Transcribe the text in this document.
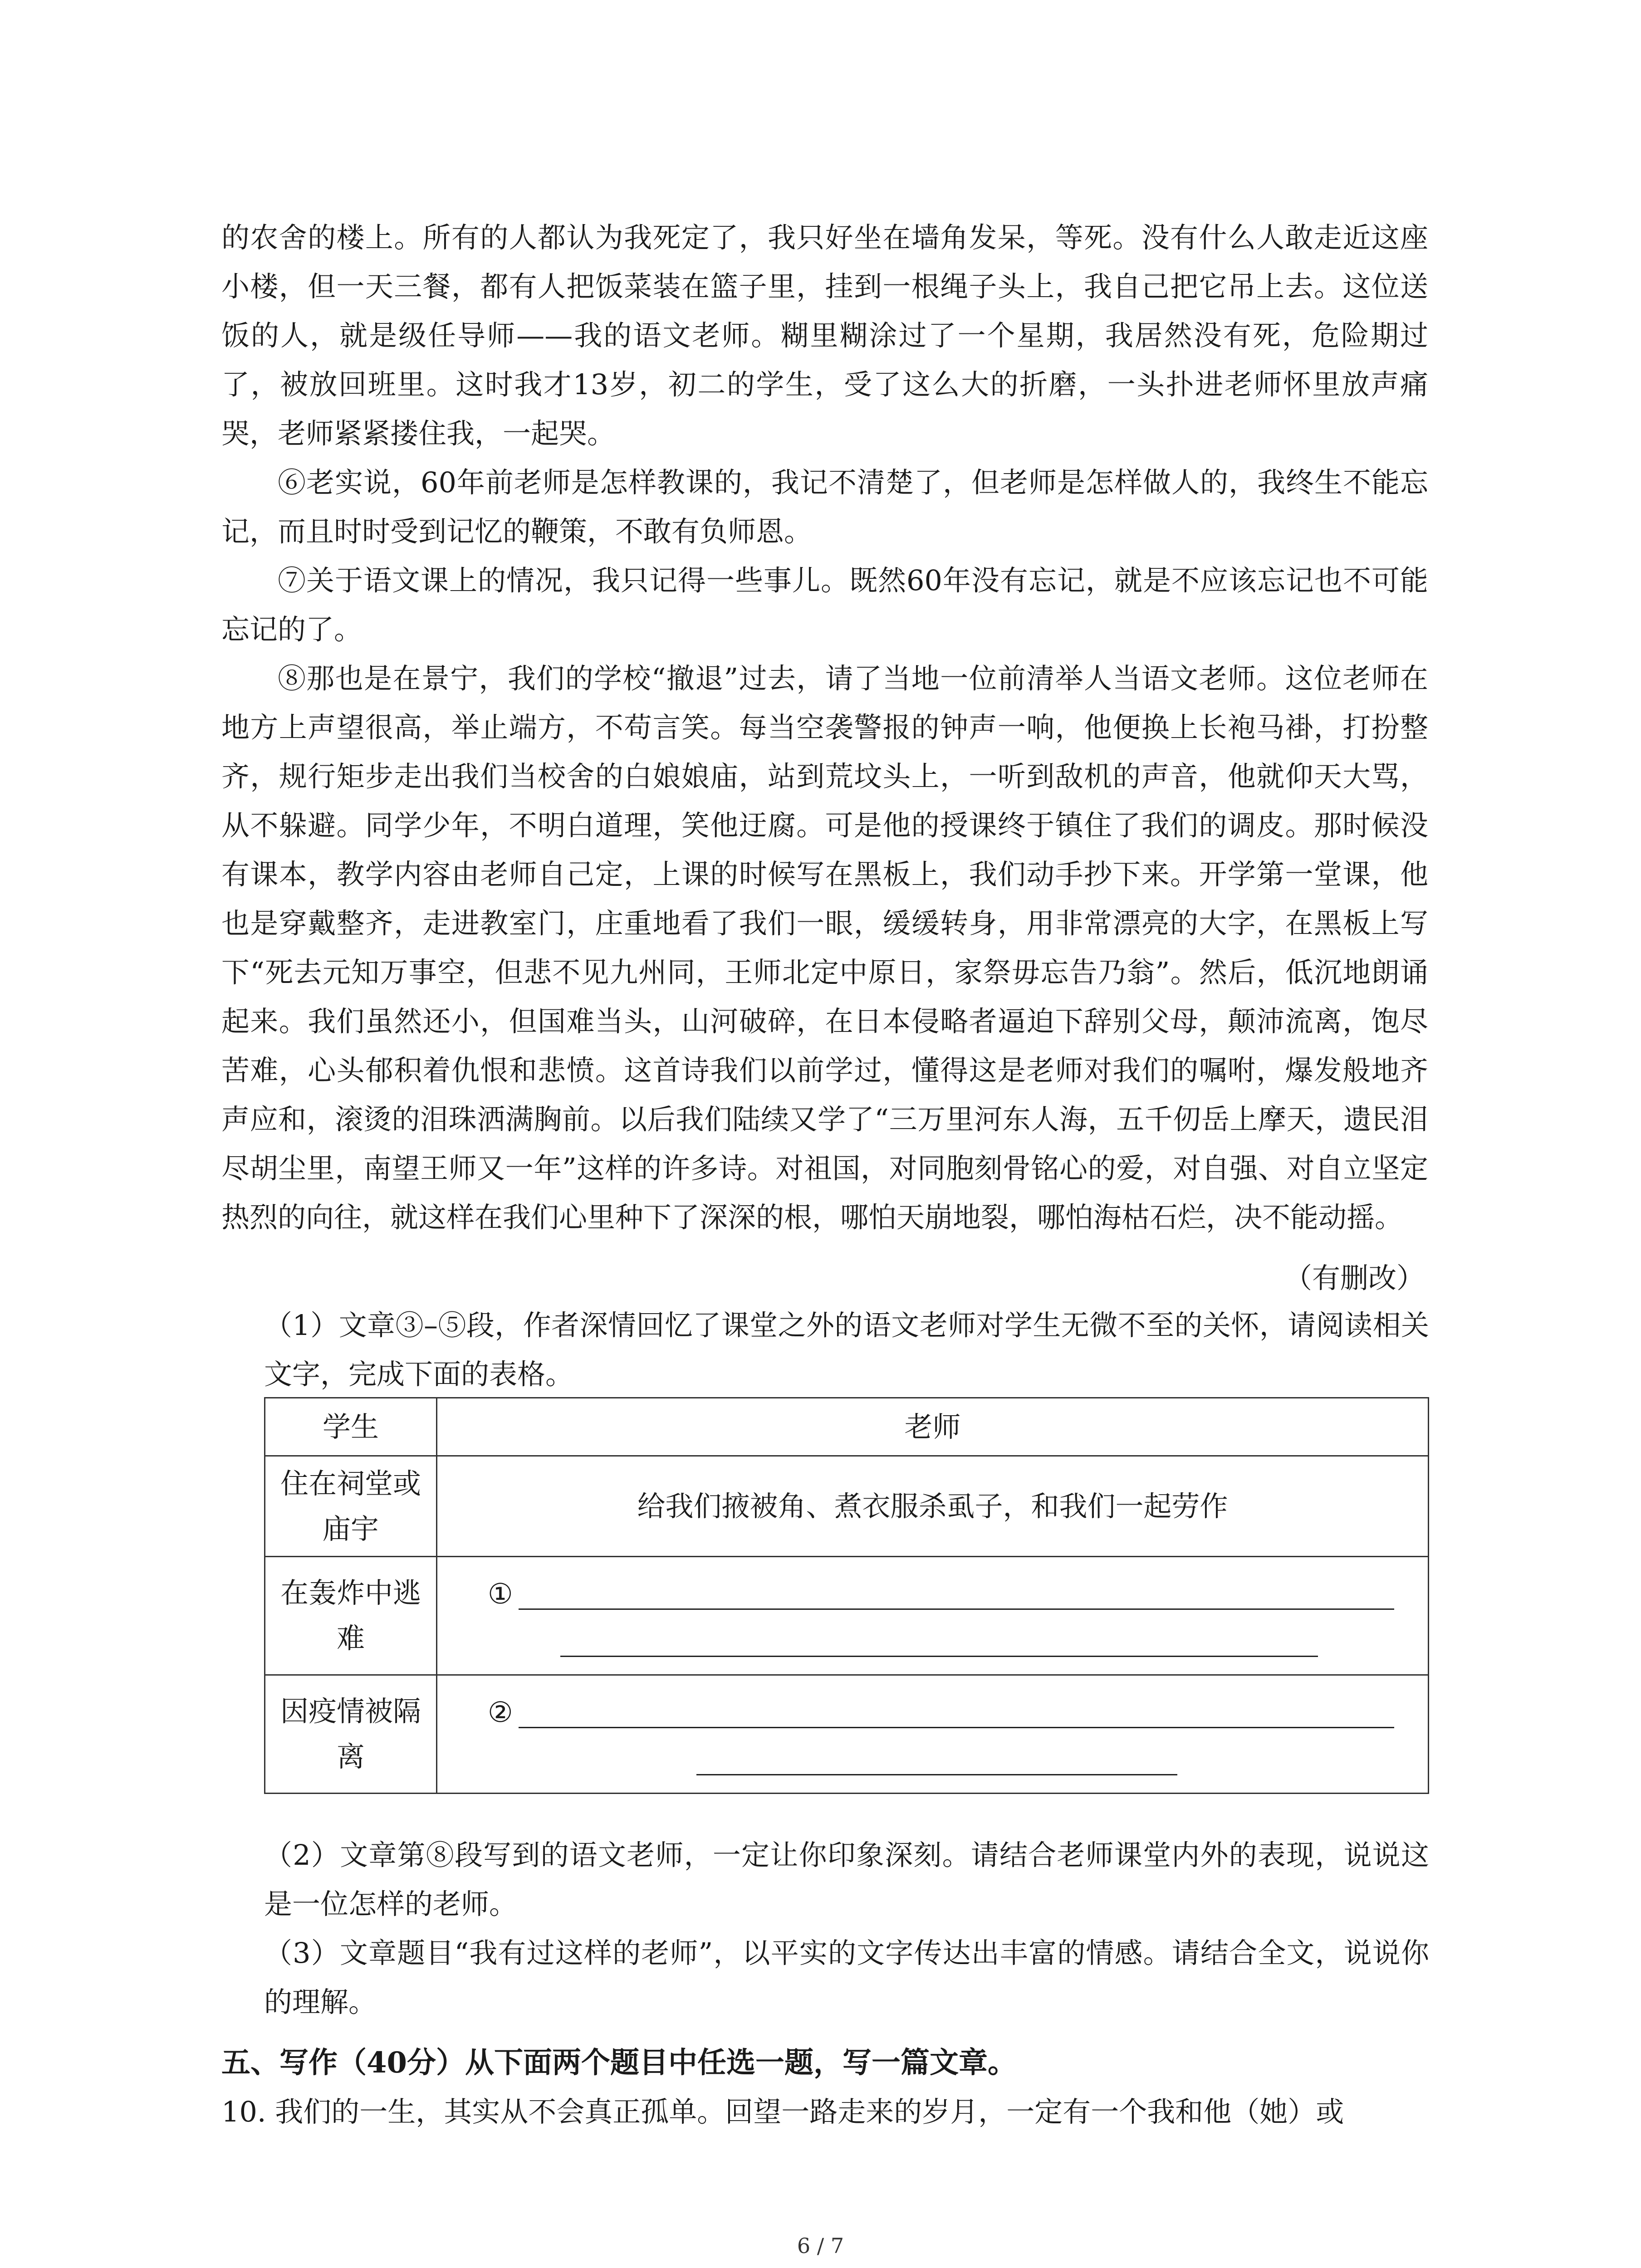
的农舍的楼上。所有的人都认为我死定了，我只好坐在墙角发呆，等死。没有什么人敢走近这座小楼，但一天三餐，都有人把饭菜装在篮子里，挂到一根绳子头上，我自己把它吊上去。这位送饭的人，就是级任导师——我的语文老师。糊里糊涂过了一个星期，我居然没有死，危险期过了，被放回班里。这时我才13岁，初二的学生，受了这么大的折磨，一头扑进老师怀里放声痛哭，老师紧紧搂住我，一起哭。

⑥老实说，60年前老师是怎样教课的，我记不清楚了，但老师是怎样做人的，我终生不能忘记，而且时时受到记忆的鞭策，不敢有负师恩。

⑦关于语文课上的情况，我只记得一些事儿。既然60年没有忘记，就是不应该忘记也不可能忘记的了。

⑧那也是在景宁，我们的学校“撤退”过去，请了当地一位前清举人当语文老师。这位老师在地方上声望很高，举止端方，不苟言笑。每当空袭警报的钟声一响，他便换上长袍马褂，打扮整齐，规行矩步走出我们当校舍的白娘娘庙，站到荒坟头上，一听到敌机的声音，他就仰天大骂，从不躲避。同学少年，不明白道理，笑他迂腐。可是他的授课终于镇住了我们的调皮。那时候没有课本，教学内容由老师自己定，上课的时候写在黑板上，我们动手抄下来。开学第一堂课，他也是穿戴整齐，走进教室门，庄重地看了我们一眼，缓缓转身，用非常漂亮的大字，在黑板上写下“死去元知万事空，但悲不见九州同，王师北定中原日，家祭毋忘告乃翁”。然后，低沉地朗诵起来。我们虽然还小，但国难当头，山河破碎，在日本侵略者逼迫下辞别父母，颠沛流离，饱尽苦难，心头郁积着仇恨和悲愤。这首诗我们以前学过，懂得这是老师对我们的嘱咐，爆发般地齐声应和，滚烫的泪珠洒满胸前。以后我们陆续又学了“三万里河东人海，五千仞岳上摩天，遗民泪尽胡尘里，南望王师又一年”这样的许多诗。对祖国，对同胞刻骨铭心的爱，对自强、对自立坚定热烈的向往，就这样在我们心里种下了深深的根，哪怕天崩地裂，哪怕海枯石烂，决不能动摇。

（有删改）

（1）文章③–⑤段，作者深情回忆了课堂之外的语文老师对学生无微不至的关怀，请阅读相关文字，完成下面的表格。

学生	老师
住在祠堂或庙宇	给我们掖被角、煮衣服杀虱子，和我们一起劳作
在轰炸中逃难	①

因疫情被隔离	②

（2）文章第⑧段写到的语文老师，一定让你印象深刻。请结合老师课堂内外的表现，说说这是一位怎样的老师。

（3）文章题目“我有过这样的老师”，以平实的文字传达出丰富的情感。请结合全文，说说你的理解。

五、写作（40分）从下面两个题目中任选一题，写一篇文章。

10. 我们的一生，其实从不会真正孤单。回望一路走来的岁月，一定有一个我和他（她）或

6 / 7
